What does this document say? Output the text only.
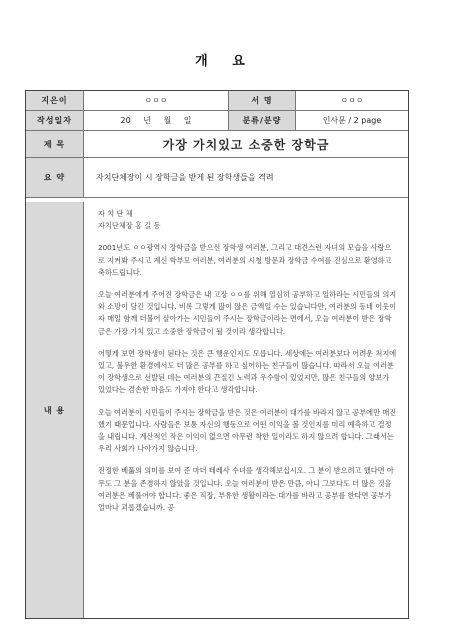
개 요
지은이	ㅇㅇㅇ	서 명	ㅇㅇㅇ
작성일자	20 년 월 일	분류/분량	인사문 / 2 page
제 목	가장 가치있고 소중한 장학금
요 약	자치단체장이 시 장학금을 받게 된 장학생들을 격려
내 용

자 치 단 체

자치단체장 홍 길 동

2001년도 ㅇㅇ광역시 장학금을 받으신 장학생 여러분, 그리고 대견스런 자녀의 모습을 사랑으로 지켜봐 주시고 계신 학부모 여러분, 여러분의 시청 방문과 장학금 수여를 진심으로 환영하고 축하드립니다.

오늘 여러분에게 주어진 장학금은 내 고장 ㅇㅇ를 위해 열심히 공부하고 일하라는 시민들의 의지와 소망이 담긴 것입니다. 비록 그렇게 많이 않은 금액일 수는 있습니다만, 여러분의 동네 이웃이자 매일 함께 더불어 살아가는 시민들이 주시는 장학금이라는 면에서, 오늘 여러분이 받은 장학금은 가장 가치 있고 소중한 장학금이 될 것이라 생각합니다.

어떻게 보면 장학생이 된다는 것은 큰 행운인지도 모릅니다. 세상에는 여러분보다 어려운 처지에 있고, 불우한 환경에서도 더 많은 공부를 하고 싶어하는 친구들이 많습니다. 따라서 오늘 여러분이 장학생으로 선발된 데는 여러분의 끈질긴 노력과 우수함이 있었지만, 많은 친구들의 양보가 있었다는 겸손한 마음도 가져야 한다고 생각합니다.

오늘 여러분이 시민들이 주시는 장학금을 받은 것은 여러분이 대가를 바라지 않고 공부에만 매진했기 때문입니다. 사람들은 보통 자신의 행동으로 어떤 이익을 볼 것인지를 미리 예측하고 결정을 내립니다. 계산적인 작은 이익이 없으면 아무런 착한 일이라도 하지 않으려 합니다. 그래서는 우리 사회가 나아가지 않습니다.

진정한 베풂의 의미를 보여 준 마더 테레사 수녀를 생각해보십시오. 그 분이 받으려고 했다면 아무도 그 분을 존경하지 않았을 것입니다. 오늘 여러분이 받은 만큼, 아니 그보다도 더 많은 것을 여러분은 베풀어야 합니다. 좋은 직장, 부유한 생활이라는 대가를 바라고 공부를 한다면 공부가 얼마나 괴롭겠습니까. 공
